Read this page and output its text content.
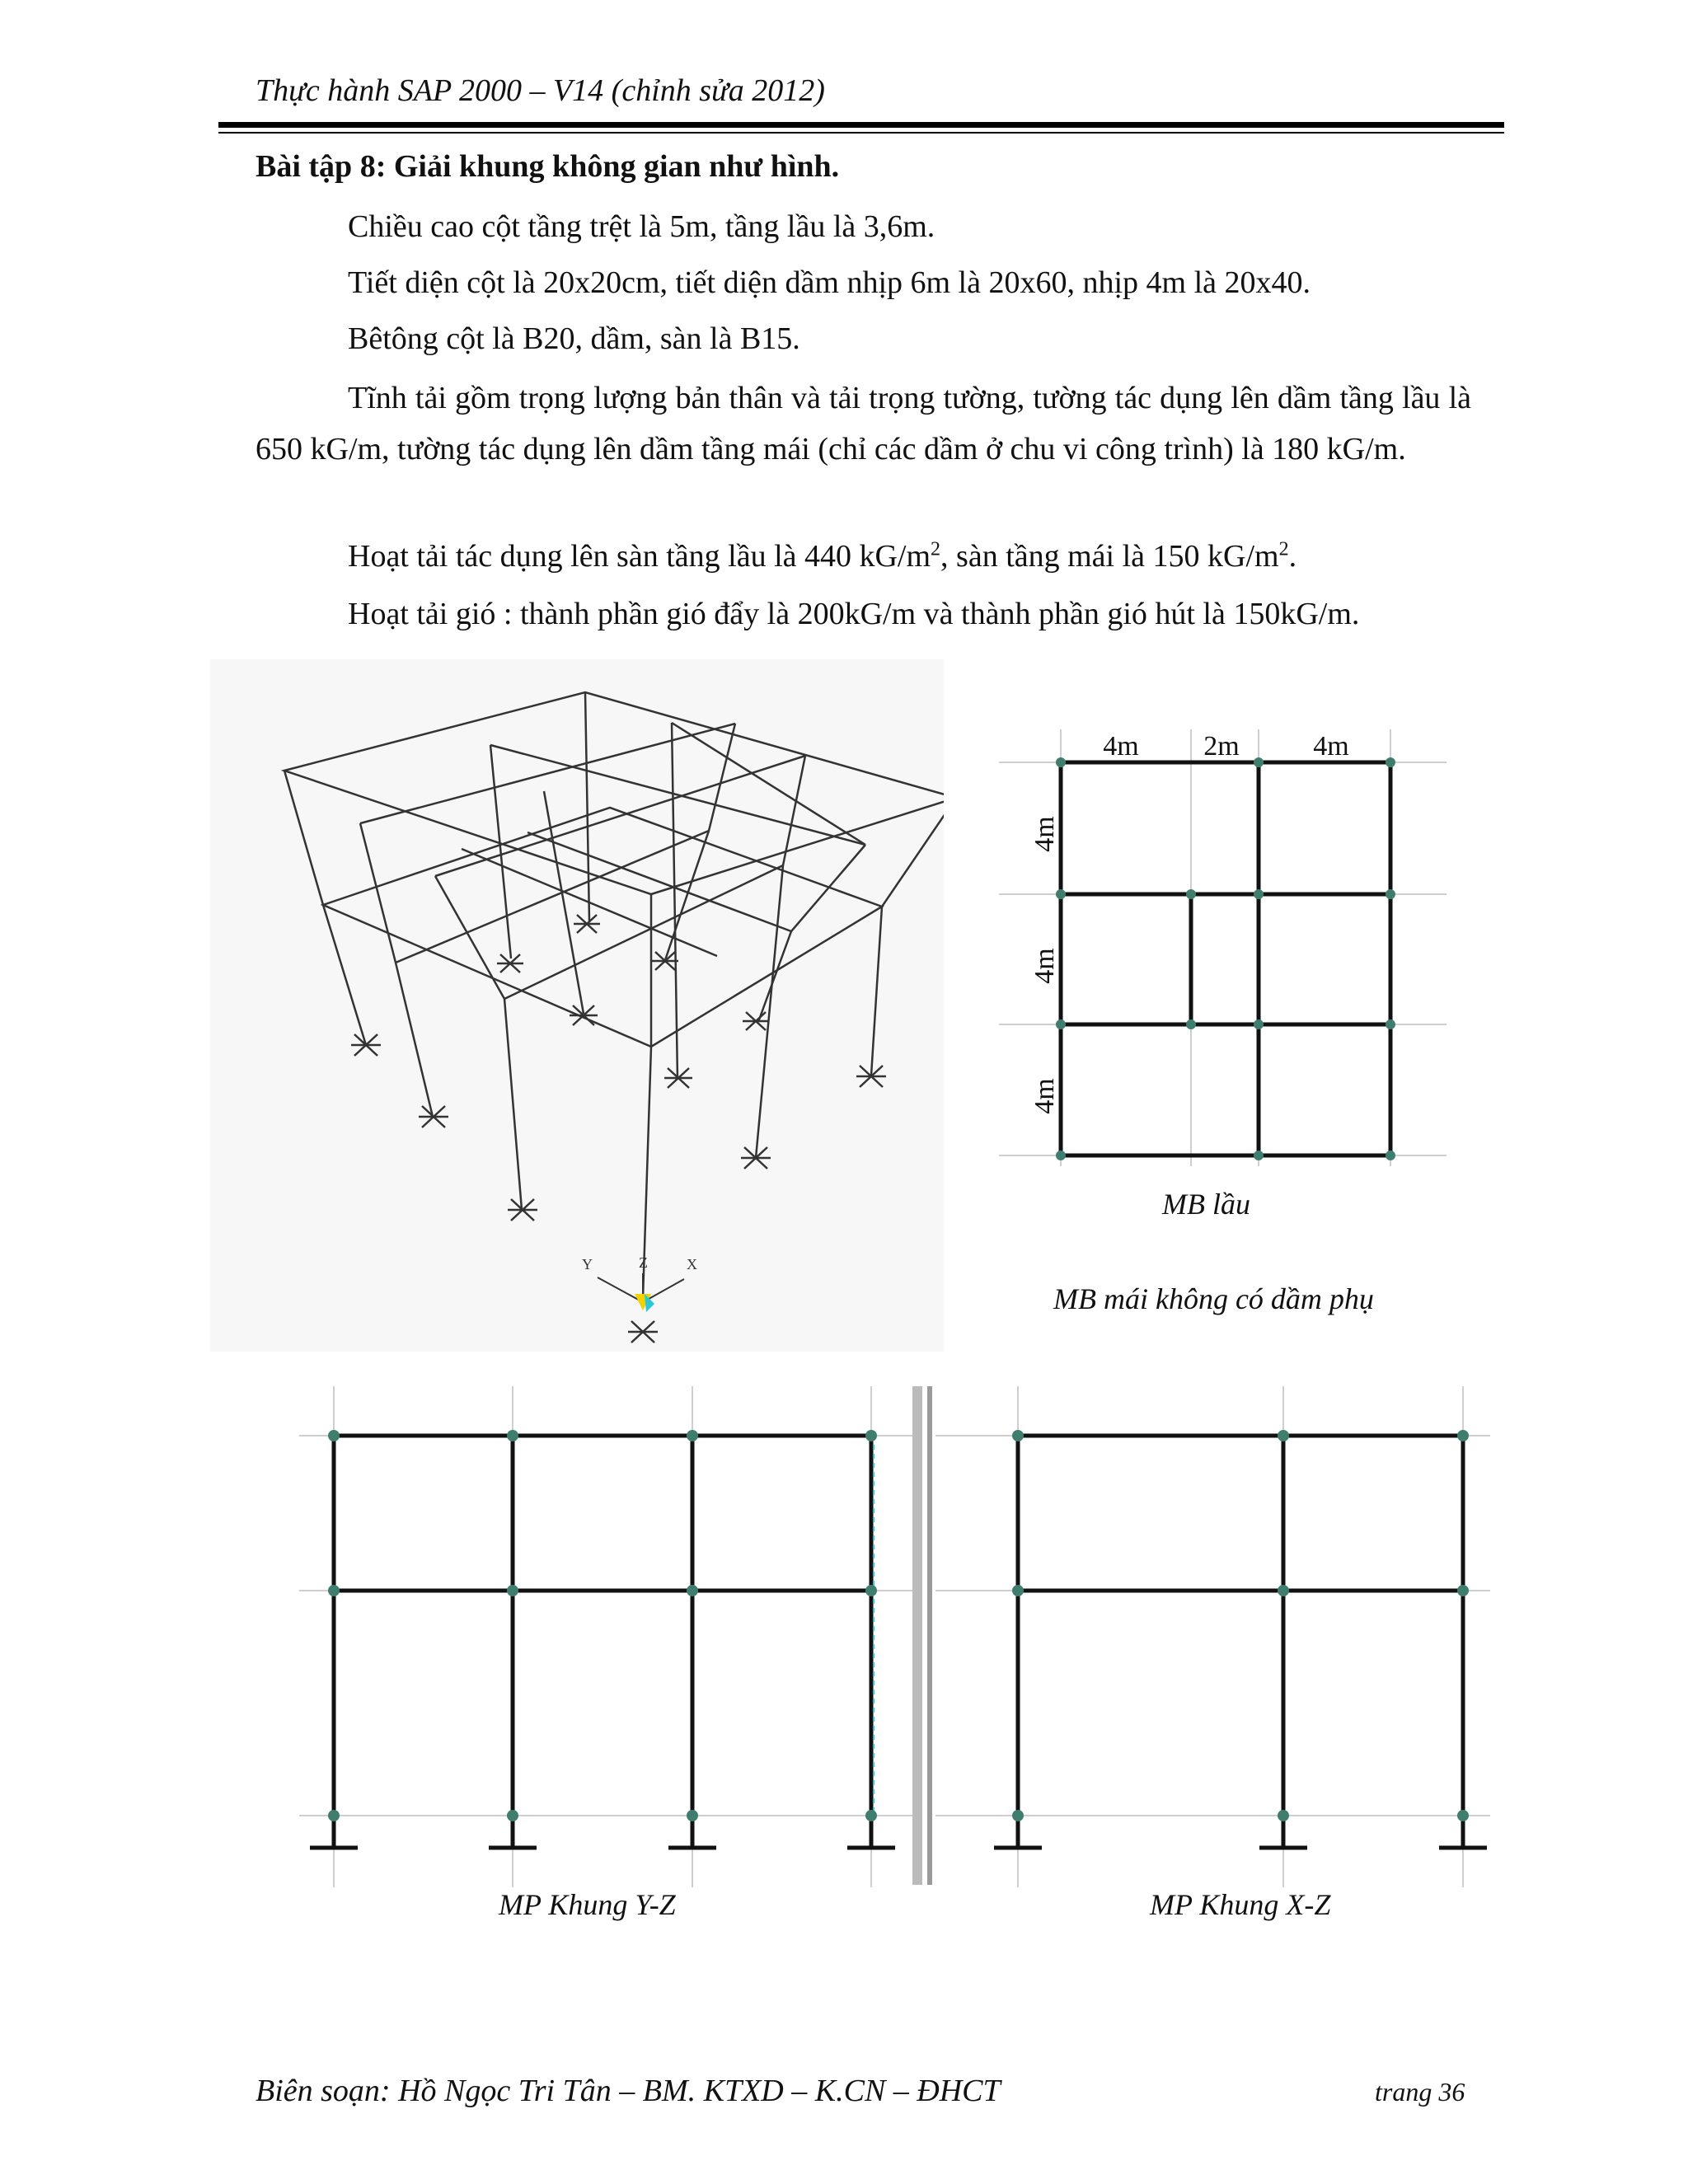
Thực hành SAP 2000 – V14 (chỉnh sửa 2012)
Bài tập 8: Giải khung không gian như hình.
Chiều cao cột tầng trệt là 5m, tầng lầu là 3,6m.
Tiết diện cột là 20x20cm, tiết diện dầm nhịp 6m là 20x60, nhịp 4m là 20x40.
Bêtông cột là B20, dầm, sàn là B15.
Tĩnh tải gồm trọng lượng bản thân và tải trọng tường, tường tác dụng lên dầm tầng lầu là 650 kG/m, tường tác dụng lên dầm tầng mái (chỉ các dầm ở chu vi công trình) là 180 kG/m.
Hoạt tải tác dụng lên sàn tầng lầu là 440 $kG/m^2$, sàn tầng mái là 150 $kG/m^2$.
Hoạt tải gió : thành phần gió đẩy là 200kG/m và thành phần gió hút là 150kG/m.
Y	Z	X
4m 2m	4m
4m
4m
4m
MB lầu
MB mái không có dầm phụ
MP Khung Y-Z	MP Khung X-Z
Biên soạn: Hồ Ngọc Tri Tân – BM. KTXD – K.CN – ĐHCT	trang 36
